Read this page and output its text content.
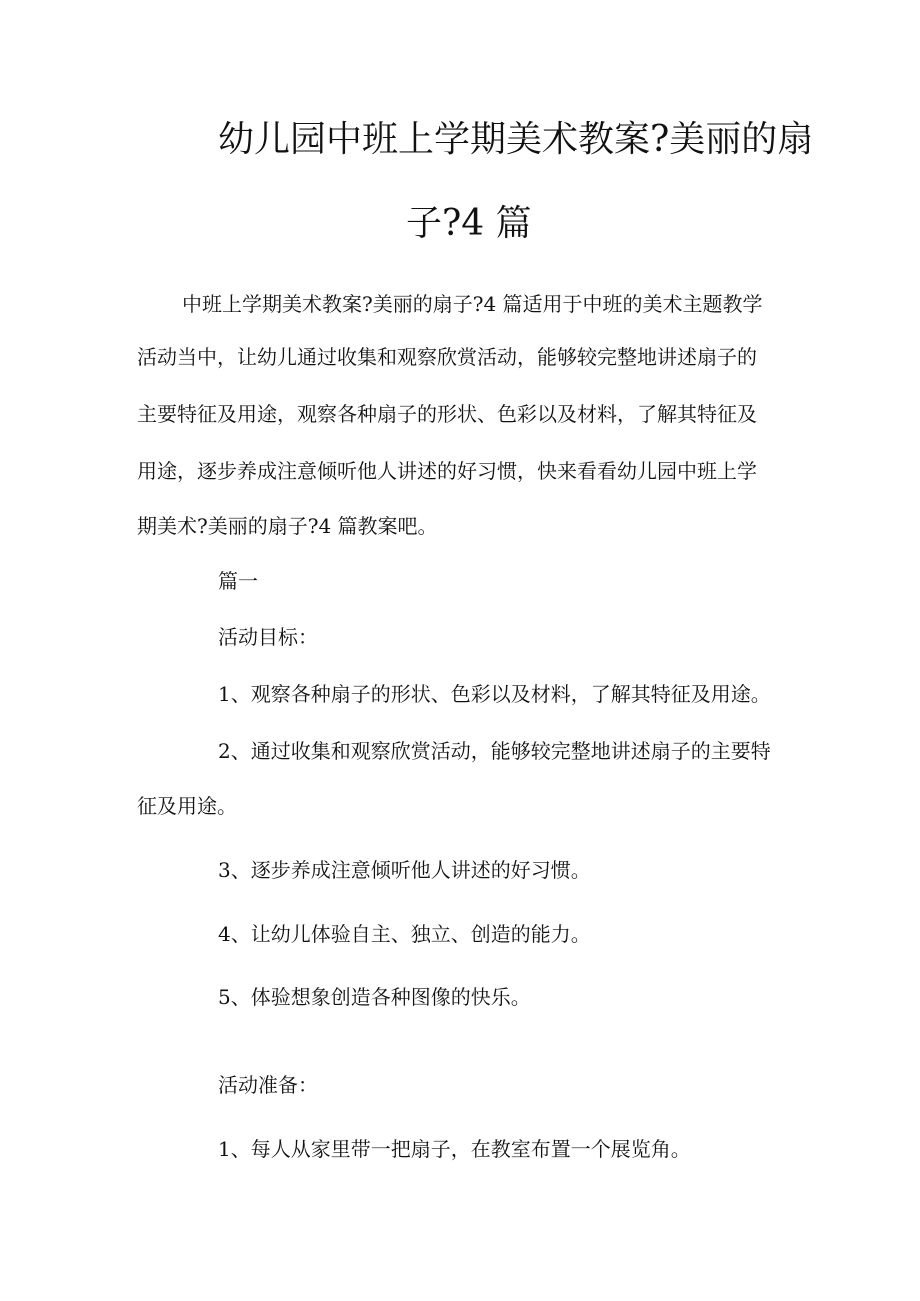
幼儿园中班上学期美术教案?美丽的扇
子?4 篇

中班上学期美术教案?美丽的扇子?4 篇适用于中班的美术主题教学

活动当中，让幼儿通过收集和观察欣赏活动，能够较完整地讲述扇子的

主要特征及用途，观察各种扇子的形状、色彩以及材料，了解其特征及

用途，逐步养成注意倾听他人讲述的好习惯，快来看看幼儿园中班上学

期美术?美丽的扇子?4 篇教案吧。

篇一

活动目标：

1、观察各种扇子的形状、色彩以及材料，了解其特征及用途。

2、通过收集和观察欣赏活动，能够较完整地讲述扇子的主要特

征及用途。

3、逐步养成注意倾听他人讲述的好习惯。

4、让幼儿体验自主、独立、创造的能力。

5、体验想象创造各种图像的快乐。

活动准备：

1、每人从家里带一把扇子，在教室布置一个展览角。
